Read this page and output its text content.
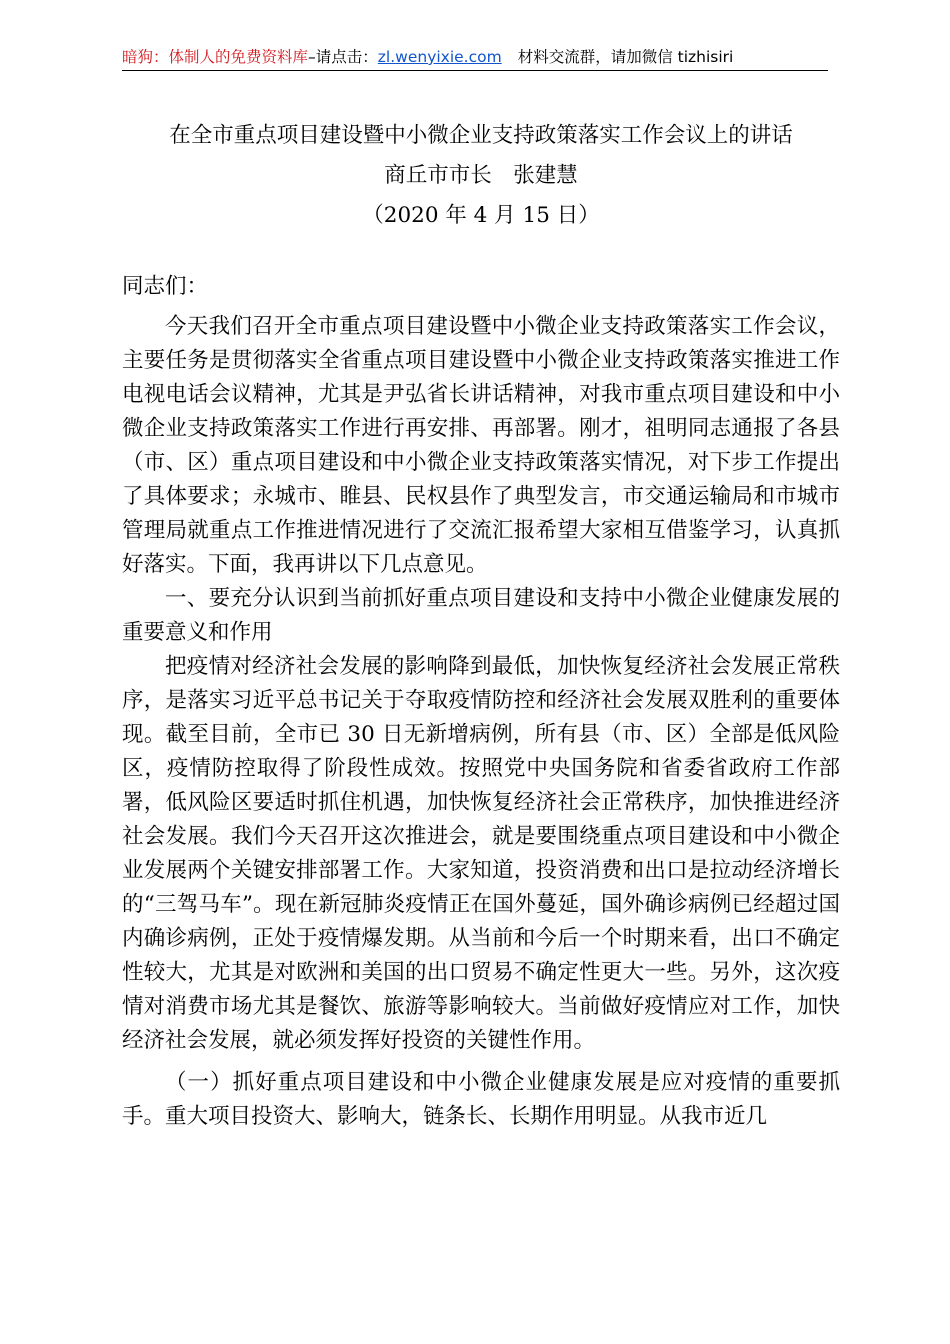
暗狗：体制人的免费资料库–请点击：zl.wenyixie.com 材料交流群，请加微信 tizhisiri

在全市重点项目建设暨中小微企业支持政策落实工作会议上的讲话

商丘市市长　张建慧

（2020 年 4 月 15 日）

同志们：

今天我们召开全市重点项目建设暨中小微企业支持政策落实工作会议，主要任务是贯彻落实全省重点项目建设暨中小微企业支持政策落实推进工作电视电话会议精神，尤其是尹弘省长讲话精神，对我市重点项目建设和中小微企业支持政策落实工作进行再安排、再部署。刚才，祖明同志通报了各县（市、区）重点项目建设和中小微企业支持政策落实情况，对下步工作提出了具体要求；永城市、睢县、民权县作了典型发言，市交通运输局和市城市管理局就重点工作推进情况进行了交流汇报希望大家相互借鉴学习，认真抓好落实。下面，我再讲以下几点意见。

一、要充分认识到当前抓好重点项目建设和支持中小微企业健康发展的重要意义和作用

把疫情对经济社会发展的影响降到最低，加快恢复经济社会发展正常秩序，是落实习近平总书记关于夺取疫情防控和经济社会发展双胜利的重要体现。截至目前，全市已 30 日无新增病例，所有县（市、区）全部是低风险区，疫情防控取得了阶段性成效。按照党中央国务院和省委省政府工作部署，低风险区要适时抓住机遇，加快恢复经济社会正常秩序，加快推进经济社会发展。我们今天召开这次推进会，就是要围绕重点项目建设和中小微企业发展两个关键安排部署工作。大家知道，投资消费和出口是拉动经济增长的“三驾马车”。现在新冠肺炎疫情正在国外蔓延，国外确诊病例已经超过国内确诊病例，正处于疫情爆发期。从当前和今后一个时期来看，出口不确定性较大，尤其是对欧洲和美国的出口贸易不确定性更大一些。另外，这次疫情对消费市场尤其是餐饮、旅游等影响较大。当前做好疫情应对工作，加快经济社会发展，就必须发挥好投资的关键性作用。

（一）抓好重点项目建设和中小微企业健康发展是应对疫情的重要抓手。重大项目投资大、影响大，链条长、长期作用明显。从我市近几
